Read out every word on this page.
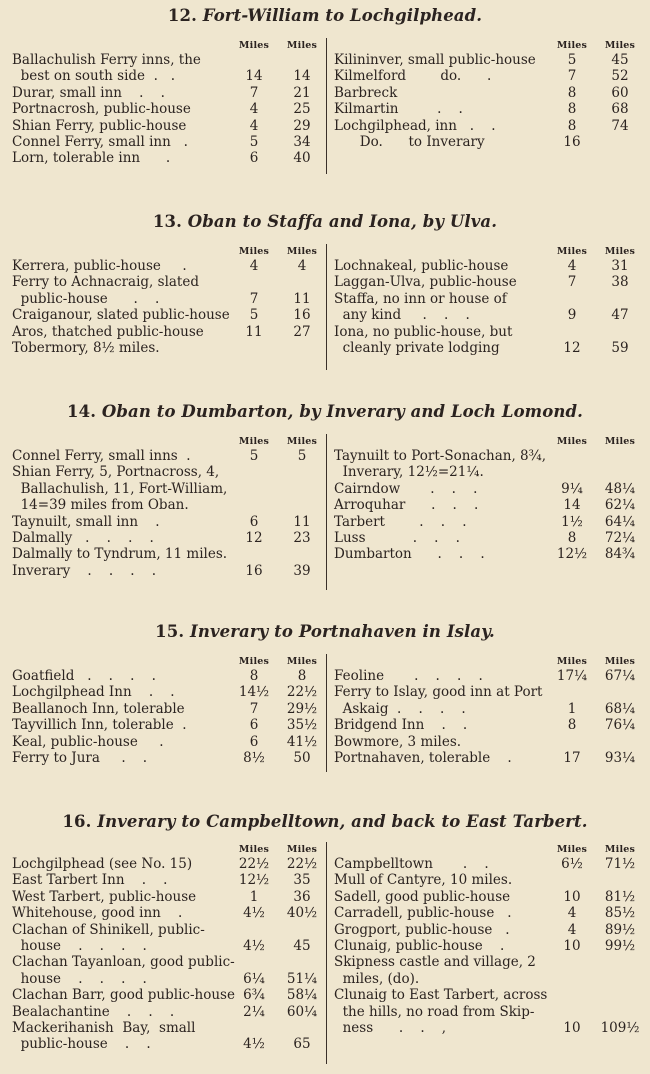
12. Fort-William to Lochgilphead.
Miles	Miles
Ballachulish Ferry inns, the
best on south side  .   .	14	14
Durar, small inn    .    .	7	21
Portnacrosh, public-house	4	25
Shian Ferry, public-house	4	29
Connel Ferry, small inn   .	5	34
Lorn, tolerable inn      .	6	40
Miles	Miles
Kilininver, small public-house	5	45
Kilmelford        do.      .	7	52
Barbreck	8	60
Kilmartin         .    .	8	68
Lochgilphead, inn   .    .	8	74
Do.      to Inverary	16
13. Oban to Staffa and Iona, by Ulva.
Miles	Miles
Kerrera, public-house     .	4	4
Ferry to Achnacraig, slated
public-house      .    .	7	11
Craiganour, slated public-house	5	16
Aros, thatched public-house	11	27
Tobermory, 8½ miles.
Miles	Miles
Lochnakeal, public-house	4	31
Laggan-Ulva, public-house	7	38
Staffa, no inn or house of
any kind     .    .    .	9	47
Iona, no public-house, but
cleanly private lodging	12	59
14. Oban to Dumbarton, by Inverary and Loch Lomond.
Miles	Miles
Connel Ferry, small inns  .	5	5
Shian Ferry, 5, Portnacross, 4,
Ballachulish, 11, Fort-William,
14=39 miles from Oban.
Taynuilt, small inn    .	6	11
Dalmally   .    .    .    .	12	23
Dalmally to Tyndrum, 11 miles.
Inverary    .    .    .    .	16	39
Miles	Miles
Taynuilt to Port-Sonachan, 8¾,
Inverary, 12½=21¼.
Cairndow       .    .    .	9¼	48¼
Arroquhar      .    .    .	14	62¼
Tarbert        .    .    .	1½	64¼
Luss           .    .    .	8	72¼
Dumbarton      .    .    .	12½	84¾
15. Inverary to Portnahaven in Islay.
Miles	Miles
Goatfield   .    .    .    .	8	8
Lochgilphead Inn    .    .	14½	22½
Beallanoch Inn, tolerable	7	29½
Tayvillich Inn, tolerable  .	6	35½
Keal, public-house     .	6	41½
Ferry to Jura     .    .	8½	50
Miles	Miles
Feoline       .    .    .    .	17¼	67¼
Ferry to Islay, good inn at Port
Askaig  .    .    .    .	1	68¼
Bridgend Inn    .    .	8	76¼
Bowmore, 3 miles.
Portnahaven, tolerable    .	17	93¼
16. Inverary to Campbelltown, and back to East Tarbert.
Miles	Miles
Lochgilphead (see No. 15)	22½	22½
East Tarbert Inn    .    .	12½	35
West Tarbert, public-house	1	36
Whitehouse, good inn    .	4½	40½
Clachan of Shinikell, public-
house    .    .    .    .	4½	45
Clachan Tayanloan, good public-
house    .    .    .    .	6¼	51¼
Clachan Barr, good public-house 6¾	58¼
Bealachantine    .    .    .	2¼	60¼
Mackerihanish  Bay,  small
public-house    .    .	4½	65
Miles	Miles
Campbelltown       .    .	6½	71½
Mull of Cantyre, 10 miles.
Sadell, good public-house	10	81½
Carradell, public-house   .	4	85½
Grogport, public-house   .	4	89½
Clunaig, public-house    .	10	99½
Skipness castle and village, 2
miles, (do).
Clunaig to East Tarbert, across
the hills, no road from Skip-
ness      .    .    ,	10	109½
